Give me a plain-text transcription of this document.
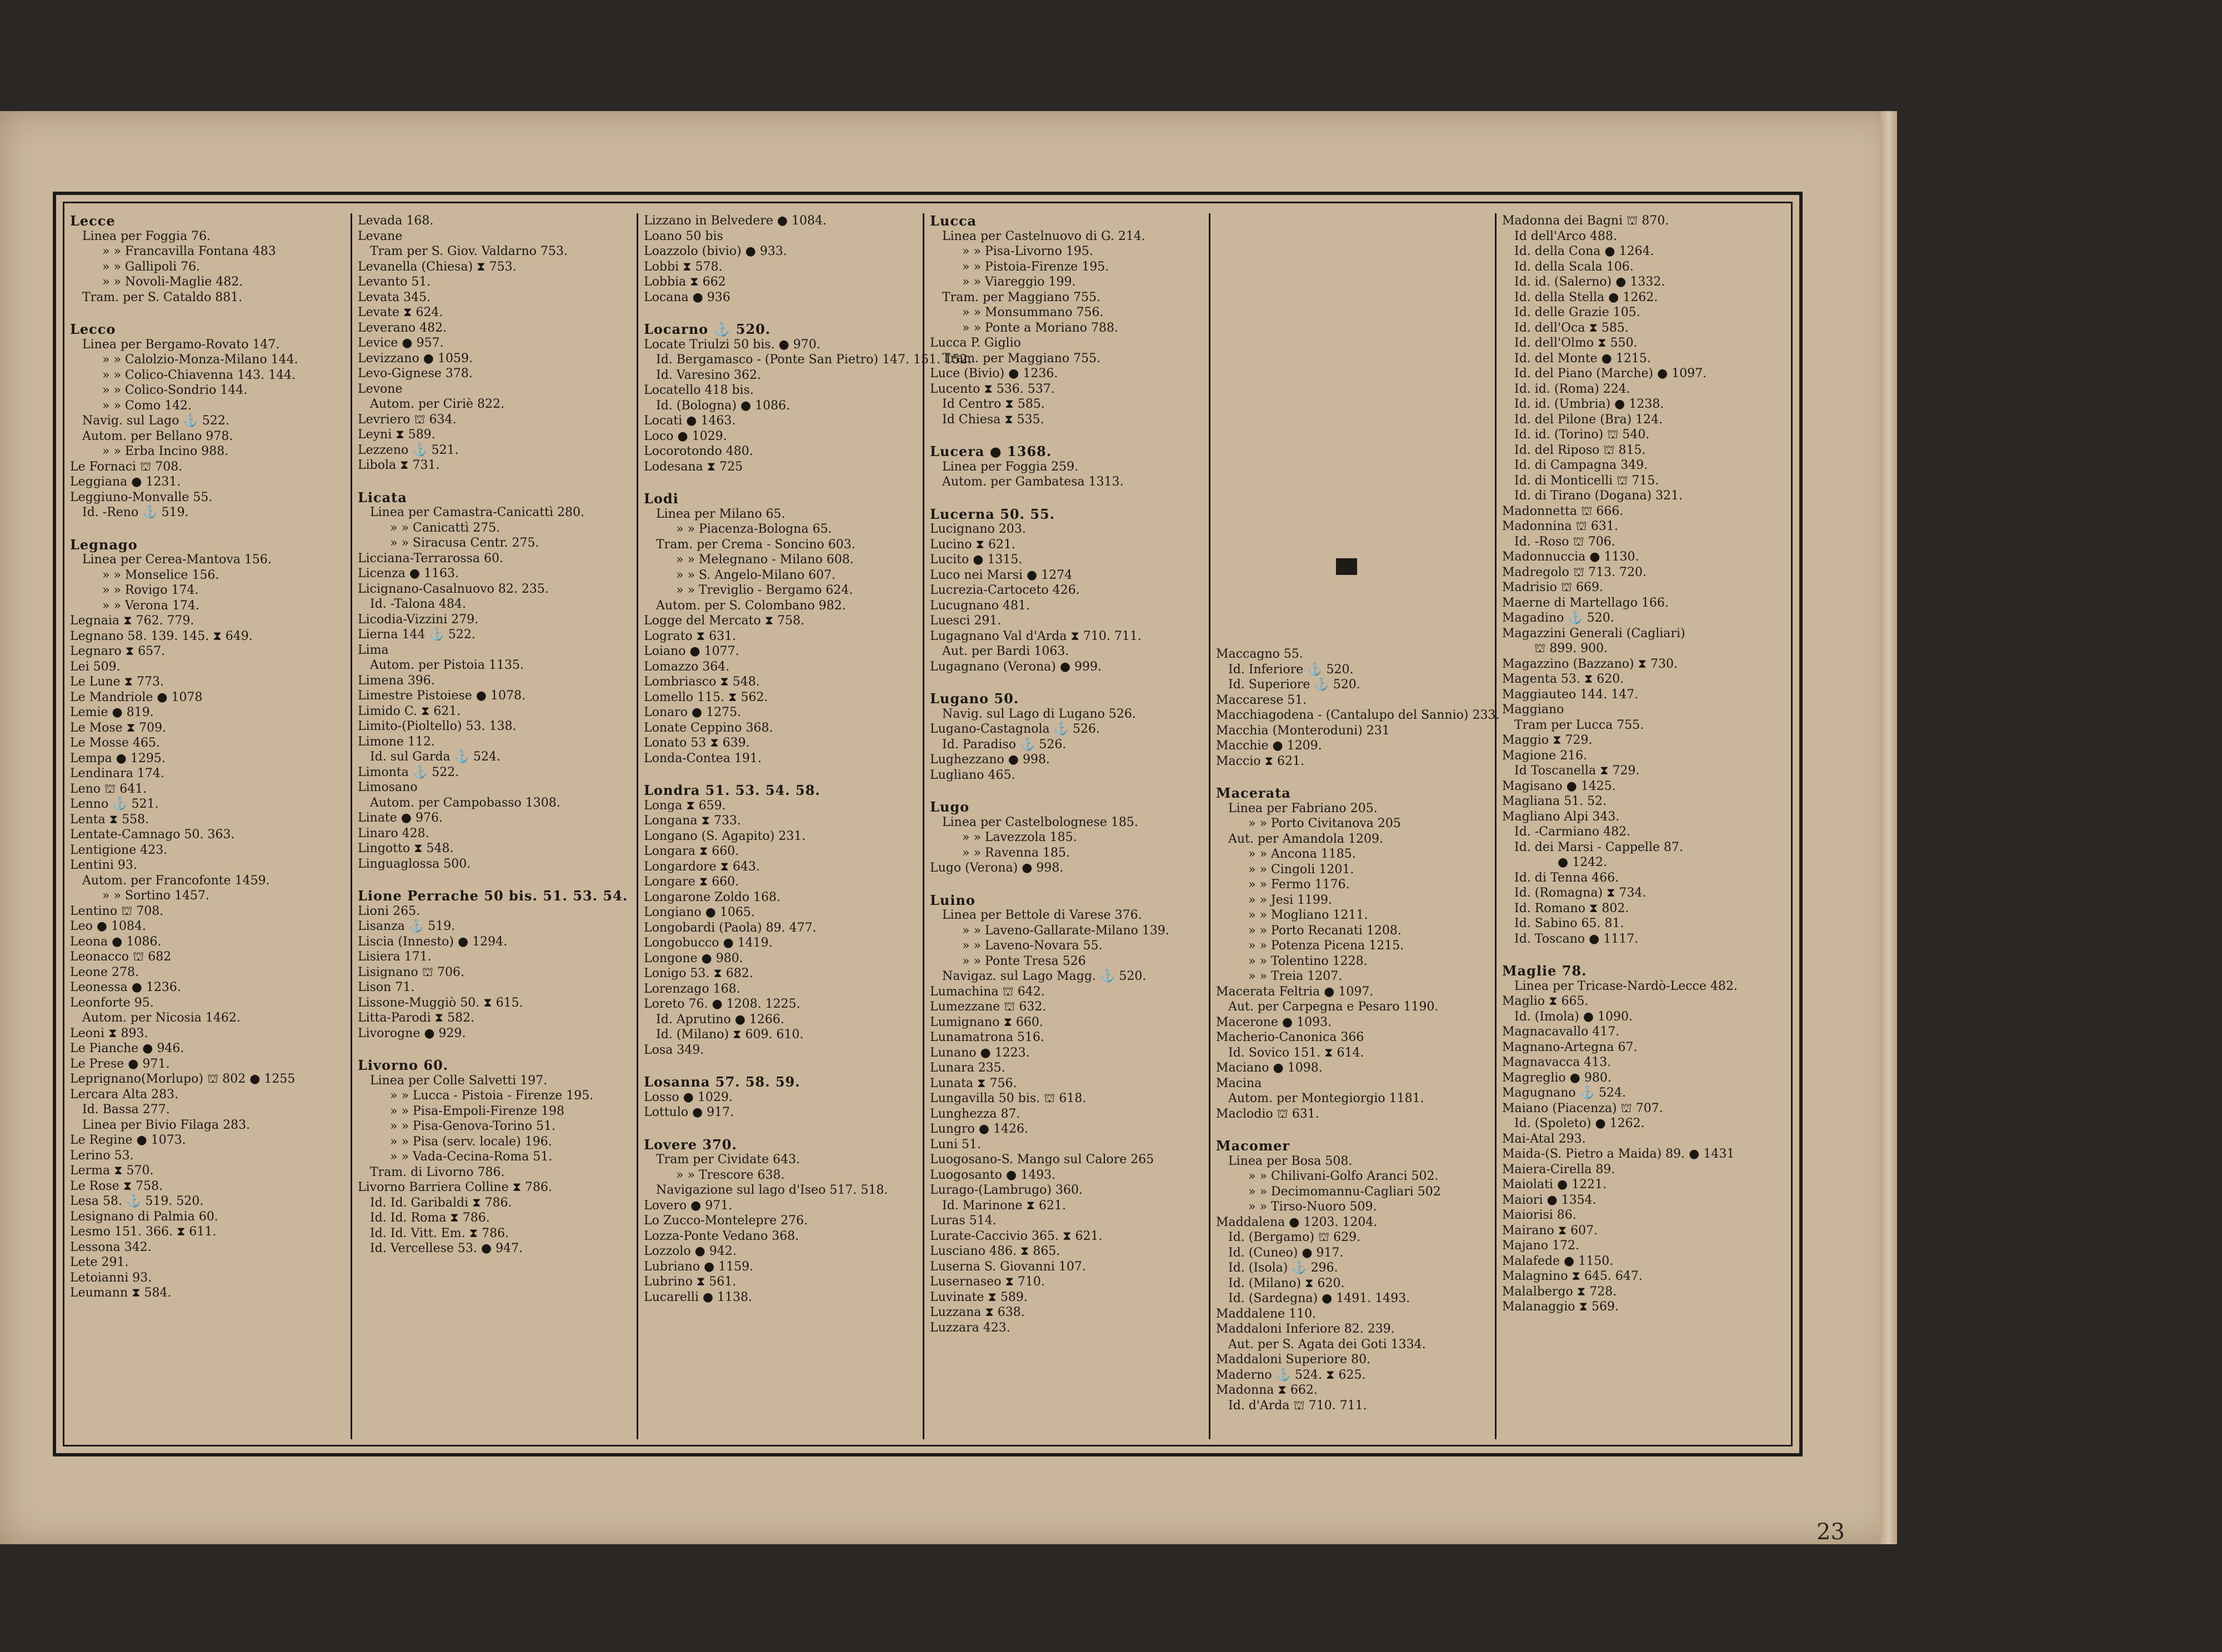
Lecce
Linea per Foggia 76.
» » Francavilla Fontana 483
» » Gallipoli 76.
» » Novoli-Maglie 482.
Tram. per S. Cataldo 881.
Lecco
Linea per Bergamo-Rovato 147.
» » Calolzio-Monza-Milano 144.
» » Colico-Chiavenna 143. 144.
» » Colico-Sondrio 144.
» » Como 142.
Navig. sul Lago ⚓ 522.
Autom. per Bellano 978.
» » Erba Incino 988.
Le Fornaci ⛫ 708.
Leggiana ● 1231.
Leggiuno-Monvalle 55.
Id. -Reno ⚓ 519.
Legnago
Linea per Cerea-Mantova 156.
» » Monselice 156.
» » Rovigo 174.
» » Verona 174.
Legnaia ⧗ 762. 779.
Legnano 58. 139. 145. ⧗ 649.
Legnaro ⧗ 657.
Lei 509.
Le Lune ⧗ 773.
Le Mandriole ● 1078
Lemie ● 819.
Le Mose ⧗ 709.
Le Mosse 465.
Lempa ● 1295.
Lendinara 174.
Leno ⛫ 641.
Lenno ⚓ 521.
Lenta ⧗ 558.
Lentate-Camnago 50. 363.
Lentigione 423.
Lentini 93.
Autom. per Francofonte 1459.
» » Sortino 1457.
Lentino ⛫ 708.
Leo ● 1084.
Leona ● 1086.
Leonacco ⛫ 682
Leone 278.
Leonessa ● 1236.
Leonforte 95.
Autom. per Nicosia 1462.
Leoni ⧗ 893.
Le Pianche ● 946.
Le Prese ● 971.
Leprignano(Morlupo) ⛫ 802 ● 1255
Lercara Alta 283.
Id. Bassa 277.
Linea per Bivio Filaga 283.
Le Regine ● 1073.
Lerino 53.
Lerma ⧗ 570.
Le Rose ⧗ 758.
Lesa 58. ⚓ 519. 520.
Lesignano di Palmia 60.
Lesmo 151. 366. ⧗ 611.
Lessona 342.
Lete 291.
Letoianni 93.
Leumann ⧗ 584.
Levada 168.
Levane
Tram per S. Giov. Valdarno 753.
Levanella (Chiesa) ⧗ 753.
Levanto 51.
Levata 345.
Levate ⧗ 624.
Leverano 482.
Levice ● 957.
Levizzano ● 1059.
Levo-Gignese 378.
Levone
Autom. per Ciriè 822.
Levriero ⛫ 634.
Leyni ⧗ 589.
Lezzeno ⚓ 521.
Libola ⧗ 731.
Licata
Linea per Camastra-Canicattì 280.
» » Canicattì 275.
» » Siracusa Centr. 275.
Licciana-Terrarossa 60.
Licenza ● 1163.
Licignano-Casalnuovo 82. 235.
Id. -Talona 484.
Licodia-Vizzini 279.
Lierna 144 ⚓ 522.
Lima
Autom. per Pistoia 1135.
Limena 396.
Limestre Pistoiese ● 1078.
Limido C. ⧗ 621.
Limito-(Pioltello) 53. 138.
Limone 112.
Id. sul Garda ⚓ 524.
Limonta ⚓ 522.
Limosano
Autom. per Campobasso 1308.
Linate ● 976.
Linaro 428.
Lingotto ⧗ 548.
Linguaglossa 500.
Lione Perrache 50 bis. 51. 53. 54.
Lioni 265.
Lisanza ⚓ 519.
Liscia (Innesto) ● 1294.
Lisiera 171.
Lisignano ⛫ 706.
Lison 71.
Lissone-Muggiò 50. ⧗ 615.
Litta-Parodi ⧗ 582.
Livorogne ● 929.
Livorno 60.
Linea per Colle Salvetti 197.
» » Lucca - Pistoia - Firenze 195.
» » Pisa-Empoli-Firenze 198
» » Pisa-Genova-Torino 51.
» » Pisa (serv. locale) 196.
» » Vada-Cecina-Roma 51.
Tram. di Livorno 786.
Livorno Barriera Colline ⧗ 786.
Id. Id. Garibaldi ⧗ 786.
Id. Id. Roma ⧗ 786.
Id. Id. Vitt. Em. ⧗ 786.
Id. Vercellese 53. ● 947.
Lizzano in Belvedere ● 1084.
Loano 50 bis
Loazzolo (bivio) ● 933.
Lobbi ⧗ 578.
Lobbia ⧗ 662
Locana ● 936
Locarno ⚓ 520.
Locate Triulzi 50 bis. ● 970.
Id. Bergamasco - (Ponte San Pietro) 147. 151. 152.
Id. Varesino 362.
Locatello 418 bis.
Id. (Bologna) ● 1086.
Locati ● 1463.
Loco ● 1029.
Locorotondo 480.
Lodesana ⧗ 725
Lodi
Linea per Milano 65.
» » Piacenza-Bologna 65.
Tram. per Crema - Soncino 603.
» » Melegnano - Milano 608.
» » S. Angelo-Milano 607.
» » Treviglio - Bergamo 624.
Autom. per S. Colombano 982.
Logge del Mercato ⧗ 758.
Lograto ⧗ 631.
Loiano ● 1077.
Lomazzo 364.
Lombriasco ⧗ 548.
Lomello 115. ⧗ 562.
Lonaro ● 1275.
Lonate Ceppino 368.
Lonato 53 ⧗ 639.
Londa-Contea 191.
Londra 51. 53. 54. 58.
Longa ⧗ 659.
Longana ⧗ 733.
Longano (S. Agapito) 231.
Longara ⧗ 660.
Longardore ⧗ 643.
Longare ⧗ 660.
Longarone Zoldo 168.
Longiano ● 1065.
Longobardi (Paola) 89. 477.
Longobucco ● 1419.
Longone ● 980.
Lonigo 53. ⧗ 682.
Lorenzago 168.
Loreto 76. ● 1208. 1225.
Id. Aprutino ● 1266.
Id. (Milano) ⧗ 609. 610.
Losa 349.
Losanna 57. 58. 59.
Losso ● 1029.
Lottulo ● 917.
Lovere 370.
Tram per Cividate 643.
» » Trescore 638.
Navigazione sul lago d'Iseo 517. 518.
Lovero ● 971.
Lo Zucco-Montelepre 276.
Lozza-Ponte Vedano 368.
Lozzolo ● 942.
Lubriano ● 1159.
Lubrino ⧗ 561.
Lucarelli ● 1138.
Lucca
Linea per Castelnuovo di G. 214.
» » Pisa-Livorno 195.
» » Pistoia-Firenze 195.
» » Viareggio 199.
Tram. per Maggiano 755.
» » Monsummano 756.
» » Ponte a Moriano 788.
Lucca P. Giglio
Tram. per Maggiano 755.
Luce (Bivio) ● 1236.
Lucento ⧗ 536. 537.
Id Centro ⧗ 585.
Id Chiesa ⧗ 535.
Lucera ● 1368.
Linea per Foggia 259.
Autom. per Gambatesa 1313.
Lucerna 50. 55.
Lucignano 203.
Lucino ⧗ 621.
Lucito ● 1315.
Luco nei Marsi ● 1274
Lucrezia-Cartoceto 426.
Lucugnano 481.
Luesci 291.
Lugagnano Val d'Arda ⧗ 710. 711.
Aut. per Bardi 1063.
Lugagnano (Verona) ● 999.
Lugano 50.
Navig. sul Lago di Lugano 526.
Lugano-Castagnola ⚓ 526.
Id. Paradiso ⚓ 526.
Lughezzano ● 998.
Lugliano 465.
Lugo
Linea per Castelbolognese 185.
» » Lavezzola 185.
» » Ravenna 185.
Lugo (Verona) ● 998.
Luino
Linea per Bettole di Varese 376.
» » Laveno-Gallarate-Milano 139.
» » Laveno-Novara 55.
» » Ponte Tresa 526
Navigaz. sul Lago Magg. ⚓ 520.
Lumachina ⛫ 642.
Lumezzane ⛫ 632.
Lumignano ⧗ 660.
Lunamatrona 516.
Lunano ● 1223.
Lunara 235.
Lunata ⧗ 756.
Lungavilla 50 bis. ⛫ 618.
Lunghezza 87.
Lungro ● 1426.
Luni 51.
Luogosano-S. Mango sul Calore 265
Luogosanto ● 1493.
Lurago-(Lambrugo) 360.
Id. Marinone ⧗ 621.
Luras 514.
Lurate-Caccivio 365. ⧗ 621.
Lusciano 486. ⧗ 865.
Luserna S. Giovanni 107.
Lusernaseo ⧗ 710.
Luvinate ⧗ 589.
Luzzana ⧗ 638.
Luzzara 423.
Maccagno 55.
Id. Inferiore ⚓ 520.
Id. Superiore ⚓ 520.
Maccarese 51.
Macchiagodena - (Cantalupo del Sannio) 233.
Macchia (Monteroduni) 231
Macchie ● 1209.
Maccio ⧗ 621.
Macerata
Linea per Fabriano 205.
» » Porto Civitanova 205
Aut. per Amandola 1209.
» » Ancona 1185.
» » Cingoli 1201.
» » Fermo 1176.
» » Jesi 1199.
» » Mogliano 1211.
» » Porto Recanati 1208.
» » Potenza Picena 1215.
» » Tolentino 1228.
» » Treia 1207.
Macerata Feltria ● 1097.
Aut. per Carpegna e Pesaro 1190.
Macerone ● 1093.
Macherio-Canonica 366
Id. Sovico 151. ⧗ 614.
Maciano ● 1098.
Macina
Autom. per Montegiorgio 1181.
Maclodio ⛫ 631.
Macomer
Linea per Bosa 508.
» » Chilivani-Golfo Aranci 502.
» » Decimomannu-Cagliari 502
» » Tirso-Nuoro 509.
Maddalena ● 1203. 1204.
Id. (Bergamo) ⛫ 629.
Id. (Cuneo) ● 917.
Id. (Isola) ⚓ 296.
Id. (Milano) ⧗ 620.
Id. (Sardegna) ● 1491. 1493.
Maddalene 110.
Maddaloni Inferiore 82. 239.
Aut. per S. Agata dei Goti 1334.
Maddaloni Superiore 80.
Maderno ⚓ 524. ⧗ 625.
Madonna ⧗ 662.
Id. d'Arda ⛫ 710. 711.
Madonna dei Bagni ⛫ 870.
Id dell'Arco 488.
Id. della Cona ● 1264.
Id. della Scala 106.
Id. id. (Salerno) ● 1332.
Id. della Stella ● 1262.
Id. delle Grazie 105.
Id. dell'Oca ⧗ 585.
Id. dell'Olmo ⧗ 550.
Id. del Monte ● 1215.
Id. del Piano (Marche) ● 1097.
Id. id. (Roma) 224.
Id. id. (Umbria) ● 1238.
Id. del Pilone (Bra) 124.
Id. id. (Torino) ⛫ 540.
Id. del Riposo ⛫ 815.
Id. di Campagna 349.
Id. di Monticelli ⛫ 715.
Id. di Tirano (Dogana) 321.
Madonnetta ⛫ 666.
Madonnina ⛫ 631.
Id. -Roso ⛫ 706.
Madonnuccia ● 1130.
Madregolo ⛫ 713. 720.
Madrisio ⛫ 669.
Maerne di Martellago 166.
Magadino ⚓ 520.
Magazzini Generali (Cagliari)
⛫ 899. 900.
Magazzino (Bazzano) ⧗ 730.
Magenta 53. ⧗ 620.
Maggiauteo 144. 147.
Maggiano
Tram per Lucca 755.
Maggio ⧗ 729.
Magione 216.
Id Toscanella ⧗ 729.
Magisano ● 1425.
Magliana 51. 52.
Magliano Alpi 343.
Id. -Carmiano 482.
Id. dei Marsi - Cappelle 87.
● 1242.
Id. di Tenna 466.
Id. (Romagna) ⧗ 734.
Id. Romano ⧗ 802.
Id. Sabino 65. 81.
Id. Toscano ● 1117.
Maglie 78.
Linea per Tricase-Nardò-Lecce 482.
Maglio ⧗ 665.
Id. (Imola) ● 1090.
Magnacavallo 417.
Magnano-Artegna 67.
Magnavacca 413.
Magreglio ● 980.
Magugnano ⚓ 524.
Maiano (Piacenza) ⛫ 707.
Id. (Spoleto) ● 1262.
Mai-Atal 293.
Maida-(S. Pietro a Maida) 89. ● 1431
Maiera-Cirella 89.
Maiolati ● 1221.
Maiori ● 1354.
Maiorisi 86.
Mairano ⧗ 607.
Majano 172.
Malafede ● 1150.
Malagnino ⧗ 645. 647.
Malalbergo ⧗ 728.
Malanaggio ⧗ 569.
23
